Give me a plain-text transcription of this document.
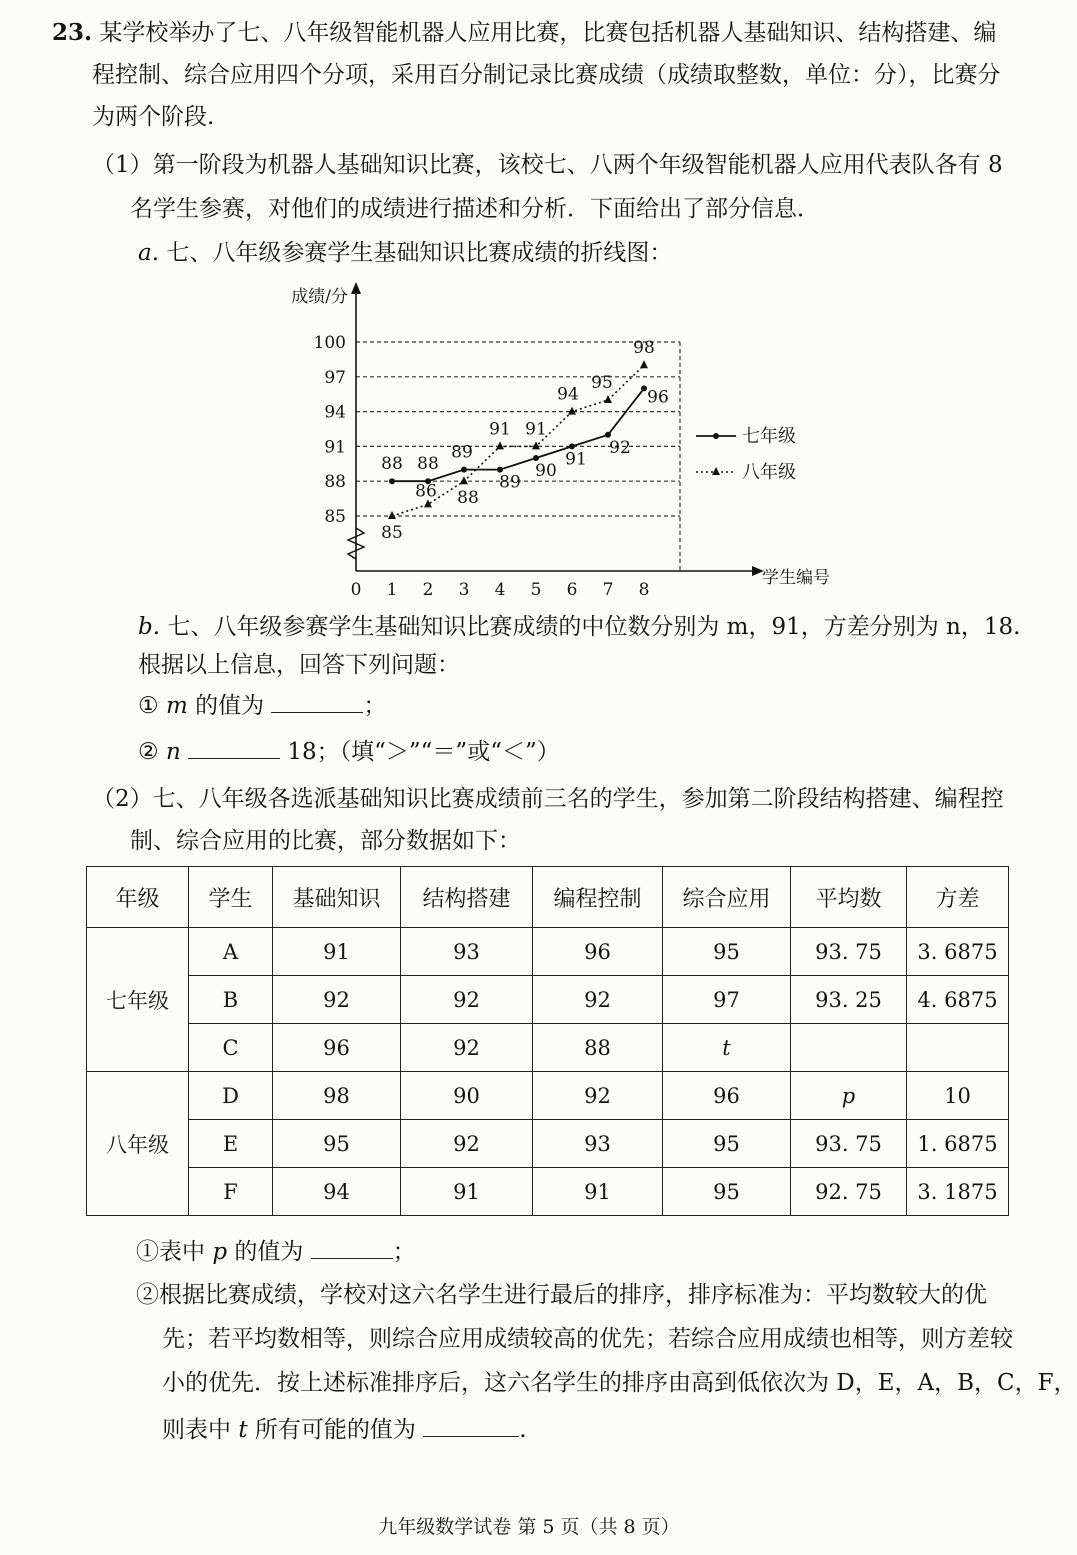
23. 某学校举办了七、八年级智能机器人应用比赛，比赛包括机器人基础知识、结构搭建、编
程控制、综合应用四个分项，采用百分制记录比赛成绩（成绩取整数，单位：分），比赛分
为两个阶段.
（1）第一阶段为机器人基础知识比赛，该校七、八两个年级智能机器人应用代表队各有 8
名学生参赛，对他们的成绩进行描述和分析．下面给出了部分信息．
a. 七、八年级参赛学生基础知识比赛成绩的折线图：
成绩/分
学生编号
0 1 2 3 4 5 6 7 8
85
88
91
94
97
100
88 88
89
89
90
91
92
96
85
86 88
91 91
94
95
98
七年级
八年级
b. 七、八年级参赛学生基础知识比赛成绩的中位数分别为 m，91，方差分别为 n，18.
根据以上信息，回答下列问题：
① m 的值为	；
② n	18；（填“＞”“＝”或“＜”）
（2）七、八年级各选派基础知识比赛成绩前三名的学生，参加第二阶段结构搭建、编程控
制、综合应用的比赛，部分数据如下：
年级	学生	基础知识	结构搭建	编程控制	综合应用	平均数	方差
七年级	A	91	93	96	95	93. 75	3. 6875
	B	92	92	92	97	93. 25	4. 6875
	C	96	92	88	t		
八年级	D	98	90	92	96	p	10
	E	95	92	93	95	93. 75	1. 6875
	F	94	91	91	95	92. 75	3. 1875
①表中 p 的值为	；
②根据比赛成绩，学校对这六名学生进行最后的排序，排序标准为：平均数较大的优
先；若平均数相等，则综合应用成绩较高的优先；若综合应用成绩也相等，则方差较
小的优先．按上述标准排序后，这六名学生的排序由高到低依次为 D，E，A，B，C，F，
则表中 t 所有可能的值为	.
九年级数学试卷 第 5 页（共 8 页）
